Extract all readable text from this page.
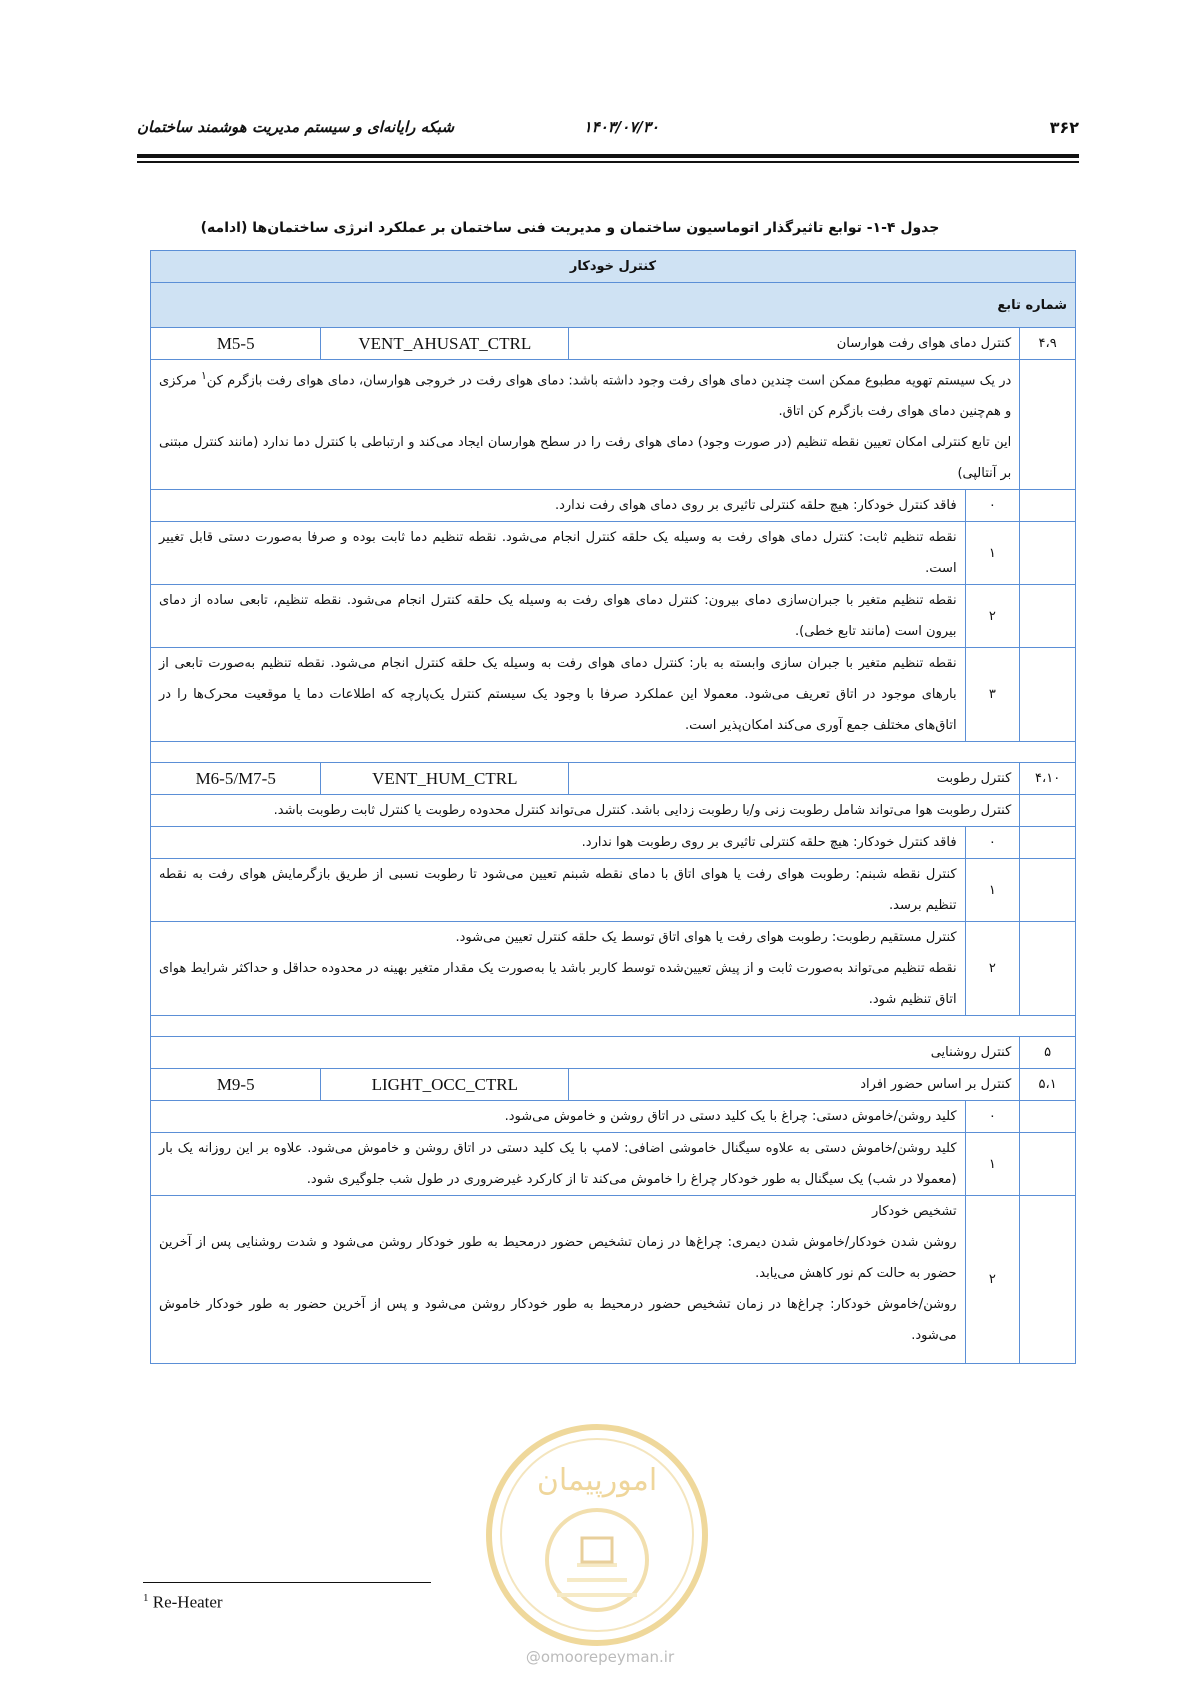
۳۶۲
۱۴۰۳/۰۷/۳۰
شبکه رایانه‌ای و سیستم مدیریت هوشمند ساختمان
جدول ۴-۱- توابع تاثیرگذار اتوماسیون ساختمان و مدیریت فنی ساختمان بر عملکرد انرژی ساختمان‌ها (ادامه)
کنترل خودکار				
شماره تابع				
۴،۹	کنترل دمای هوای رفت هوارسان		VENT_AHUSAT_CTRL	M5-5
	در یک سیستم تهویه مطبوع ممکن است چندین دمای هوای رفت وجود داشته باشد: دمای هوای رفت در خروجی هوارسان، دمای هوای رفت بازگرم کن$^۱$ مرکزی و هم‌چنین دمای هوای رفت بازگرم کن اتاق.
این تابع کنترلی امکان تعیین نقطه تنظیم (در صورت وجود) دمای هوای رفت را در سطح هوارسان ایجاد می‌کند و ارتباطی با کنترل دما ندارد (مانند کنترل مبتنی بر آنتالپی)			
	۰	فاقد کنترل خودکار: هیچ حلقه کنترلی تاثیری بر روی دمای هوای رفت ندارد.		
	۱	نقطه تنظیم ثابت: کنترل دمای هوای رفت به وسیله یک حلقه کنترل انجام می‌شود. نقطه تنظیم دما ثابت بوده و صرفا به‌صورت دستی قابل تغییر است.		
	۲	نقطه تنظیم متغیر با جبران‌سازی دمای بیرون: کنترل دمای هوای رفت به وسیله یک حلقه کنترل انجام می‌شود. نقطه تنظیم، تابعی ساده از دمای بیرون است (مانند تابع خطی).		
	۳	نقطه تنظیم متغیر با جبران سازی وابسته به بار: کنترل دمای هوای رفت به وسیله یک حلقه کنترل انجام می‌شود. نقطه تنظیم به‌صورت تابعی از بارهای موجود در اتاق تعریف می‌شود. معمولا این عملکرد صرفا با وجود یک سیستم کنترل یک‌پارچه که اطلاعات دما یا موقعیت محرک‌ها را در اتاق‌های مختلف جمع آوری می‌کند امکان‌پذیر است.		

۴،۱۰	کنترل رطوبت		VENT_HUM_CTRL	M6-5/M7-5
	کنترل رطوبت هوا می‌تواند شامل رطوبت زنی و/یا رطوبت زدایی باشد. کنترل می‌تواند کنترل محدوده رطوبت یا کنترل ثابت رطوبت باشد.			
	۰	فاقد کنترل خودکار: هیچ حلقه کنترلی تاثیری بر روی رطوبت هوا ندارد.		
	۱	کنترل نقطه شبنم: رطوبت هوای رفت یا هوای اتاق با دمای نقطه شبنم تعیین می‌شود تا رطوبت نسبی از طریق بازگرمایش هوای رفت به نقطه تنظیم برسد.		
	۲	کنترل مستقیم رطوبت: رطوبت هوای رفت یا هوای اتاق توسط یک حلقه کنترل تعیین می‌شود.
نقطه تنظیم می‌تواند به‌صورت ثابت و از پیش تعیین‌شده توسط کاربر باشد یا به‌صورت یک مقدار متغیر بهینه در محدوده حداقل و حداکثر شرایط هوای اتاق تنظیم شود.		

۵	کنترل روشنایی			
۵،۱	کنترل بر اساس حضور افراد		LIGHT_OCC_CTRL	M9-5
	۰	کلید روشن/خاموش دستی: چراغ با یک کلید دستی در اتاق روشن و خاموش می‌شود.		
	۱	کلید روشن/خاموش دستی به علاوه سیگنال خاموشی اضافی: لامپ با یک کلید دستی در اتاق روشن و خاموش می‌شود. علاوه بر این روزانه یک بار (معمولا در شب) یک سیگنال به طور خودکار چراغ را خاموش می‌کند تا از کارکرد غیرضروری در طول شب جلوگیری شود.		
	۲	تشخیص خودکار
روشن شدن خودکار/خاموش شدن دیمری: چراغ‌ها در زمان تشخیص حضور درمحیط به طور خودکار روشن می‌شود و شدت روشنایی پس از آخرین حضور به حالت کم نور کاهش می‌یابد.
روشن/خاموش خودکار: چراغ‌ها در زمان تشخیص حضور درمحیط به طور خودکار روشن می‌شود و پس از آخرین حضور به طور خودکار خاموش می‌شود.		
امورپیمان
@omoorepeyman.ir
$^1$ Re-Heater
